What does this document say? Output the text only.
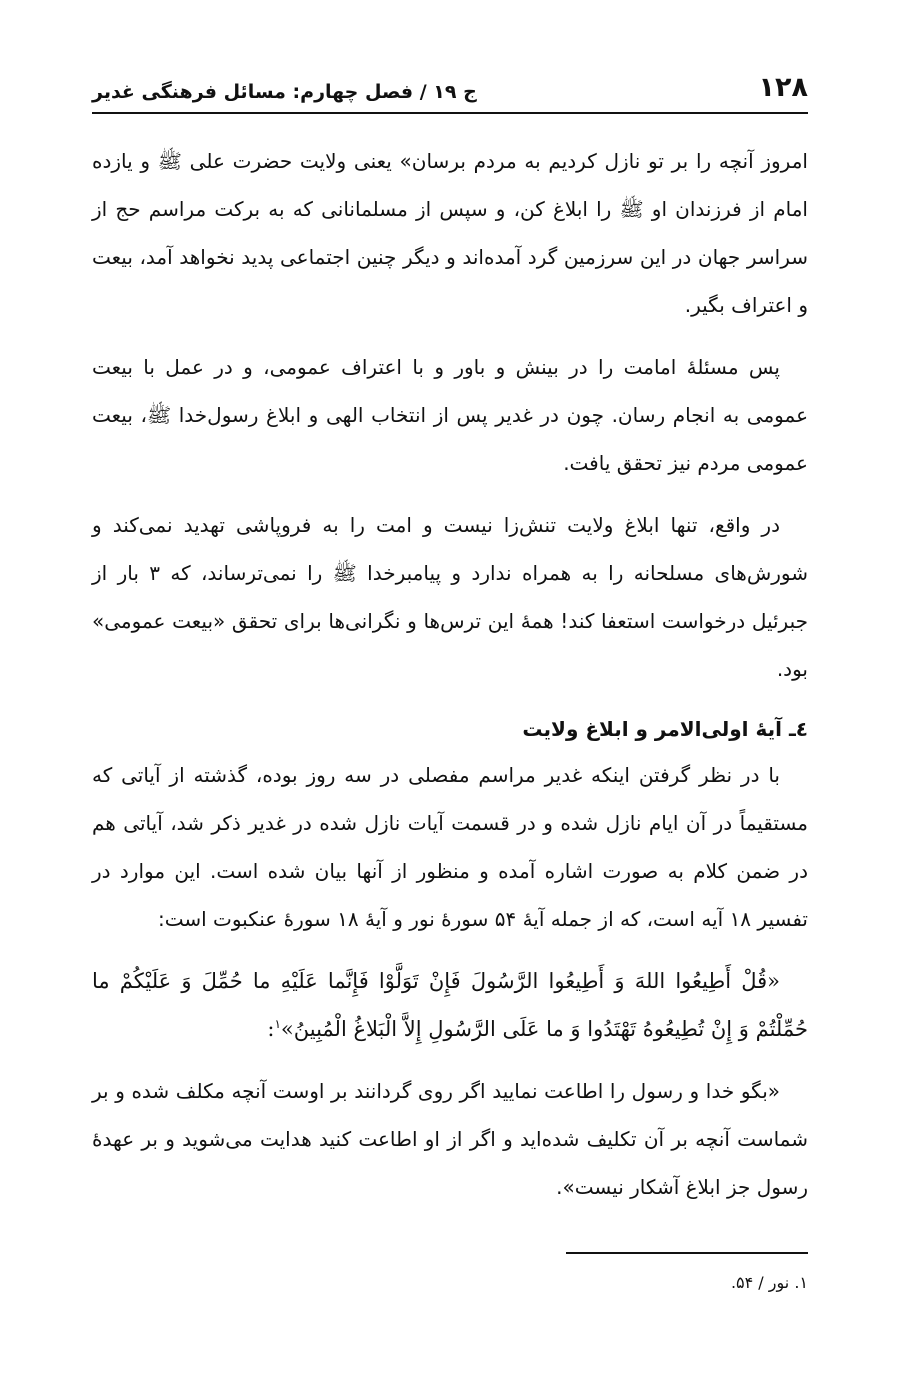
۱۲۸
ج ۱۹ / فصل چهارم: مسائل فرهنگی غدیر

امروز آنچه را بر تو نازل کردیم به مردم برسان» یعنی ولایت حضرت علی ﷺ و یازده امام از فرزندان او ﷺ را ابلاغ کن، و سپس از مسلمانانی که به برکت مراسم حج از سراسر جهان در این سرزمین گرد آمده‌اند و دیگر چنین اجتماعی پدید نخواهد آمد، بیعت و اعتراف بگیر.

پس مسئلهٔ امامت را در بینش و باور و با اعتراف عمومی، و در عمل با بیعت عمومی به انجام رسان. چون در غدیر پس از انتخاب الهی و ابلاغ رسول‌خدا ﷺ، بیعت عمومی مردم نیز تحقق یافت.

در واقع، تنها ابلاغ ولایت تنش‌زا نیست و امت را به فروپاشی تهدید نمی‌کند و شورش‌های مسلحانه را به همراه ندارد و پیامبرخدا ﷺ را نمی‌ترساند، که ۳ بار از جبرئیل درخواست استعفا کند! همهٔ این ترس‌ها و نگرانی‌ها برای تحقق «بیعت عمومی» بود.

٤ـ آیهٔ اولی‌الامر و ابلاغ ولایت

با در نظر گرفتن اینکه غدیر مراسم مفصلی در سه روز بوده، گذشته از آیاتی که مستقیماً در آن ایام نازل شده و در قسمت آیات نازل شده در غدیر ذکر شد، آیاتی هم در ضمن کلام به صورت اشاره آمده و منظور از آنها بیان شده است. این موارد در تفسیر ۱۸ آیه است، که از جمله آیهٔ ۵۴ سورهٔ نور و آیهٔ ۱۸ سورهٔ عنکبوت است:

«قُلْ أَطِيعُوا اللهَ وَ أَطِيعُوا الرَّسُولَ فَإِنْ تَوَلَّوْا فَإِنَّما عَلَيْهِ ما حُمِّلَ وَ عَلَيْكُمْ ما حُمِّلْتُمْ وَ إِنْ تُطِيعُوهُ تَهْتَدُوا وَ ما عَلَى الرَّسُولِ إِلاَّ الْبَلاغُ الْمُبِينُ»$^۱$:

«بگو خدا و رسول را اطاعت نمایید اگر روی گردانند بر اوست آنچه مکلف شده و بر شماست آنچه بر آن تکلیف شده‌اید و اگر از او اطاعت کنید هدایت می‌شوید و بر عهدهٔ رسول جز ابلاغ آشکار نیست».

۱. نور / ۵۴.
